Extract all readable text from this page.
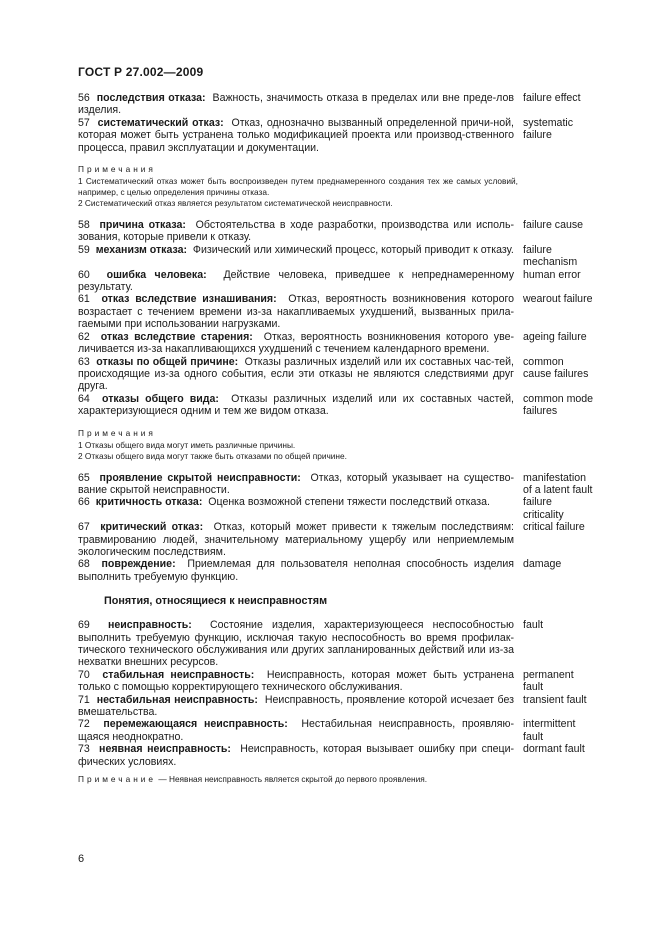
ГОСТ Р 27.002—2009
56 последствия отказа: Важность, значимость отказа в пределах или вне преде-лов изделия.
failure effect
57 систематический отказ: Отказ, однозначно вызванный определенной причи-ной, которая может быть устранена только модификацией проекта или производ-ственного процесса, правил эксплуатации и документации.
systematic
failure
Примечания
1 Систематический отказ может быть воспроизведен путем преднамеренного создания тех же самых условий, например, с целью определения причины отказа.
2 Систематический отказ является результатом систематической неисправности.
58 причина отказа: Обстоятельства в ходе разработки, производства или исполь-зования, которые привели к отказу.
failure cause
59 механизм отказа: Физический или химический процесс, который приводит к отказу. failure
mechanism
60 ошибка человека: Действие человека, приведшее к непреднамеренному результату.
human error
61 отказ вследствие изнашивания: Отказ, вероятность возникновения которого возрастает с течением времени из-за накапливаемых ухудшений, вызванных прила-гаемыми при использовании нагрузками.
wearout failure
62 отказ вследствие старения: Отказ, вероятность возникновения которого уве-личивается из-за накапливающихся ухудшений с течением календарного времени.
ageing failure
63 отказы по общей причине: Отказы различных изделий или их составных час-тей, происходящие из-за одного события, если эти отказы не являются следствиями друг друга.
common
cause failures
64 отказы общего вида: Отказы различных изделий или их составных частей, характеризующиеся одним и тем же видом отказа.
common mode
failures
Примечания
1 Отказы общего вида могут иметь различные причины.
2 Отказы общего вида могут также быть отказами по общей причине.
65 проявление скрытой неисправности: Отказ, который указывает на существо-вание скрытой неисправности.
manifestation
of a latent fault
66 критичность отказа: Оценка возможной степени тяжести последствий отказа.	failure
criticality
67 критический отказ: Отказ, который может привести к тяжелым последствиям: травмированию людей, значительному материальному ущербу или неприемлемым экологическим последствиям.
critical failure
68 повреждение: Приемлемая для пользователя неполная способность изделия выполнить требуемую функцию.
damage
Понятия, относящиеся к неисправностям
69 неисправность: Состояние изделия, характеризующееся неспособностью выполнить требуемую функцию, исключая такую неспособность во время профилак-тического технического обслуживания или других запланированных действий или из-за нехватки внешних ресурсов.
fault
70 стабильная неисправность: Неисправность, которая может быть устранена только с помощью корректирующего технического обслуживания.
permanent
fault
71 нестабильная неисправность: Неисправность, проявление которой исчезает без вмешательства.
transient fault
72 перемежающаяся неисправность: Нестабильная неисправность, проявляю-щаяся неоднократно.
intermittent
fault
73 неявная неисправность: Неисправность, которая вызывает ошибку при специ-фических условиях.
dormant fault
Примечание — Неявная неисправность является скрытой до первого проявления.
6
